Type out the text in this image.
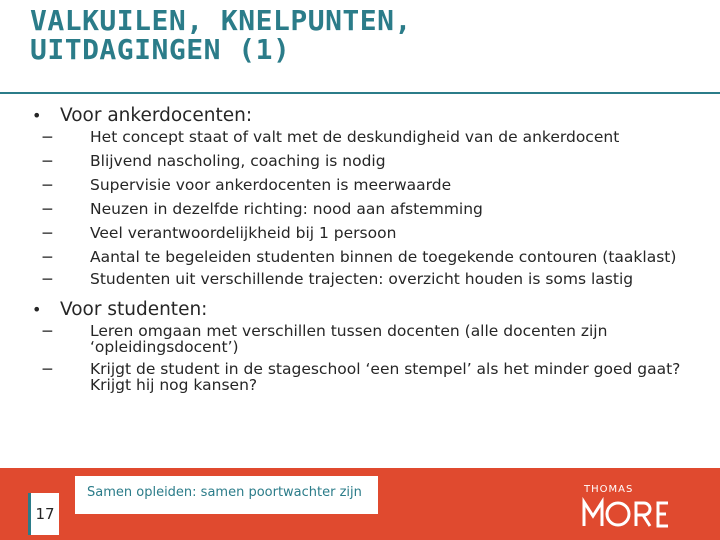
VALKUILEN, KNELPUNTEN,
UITDAGINGEN (1)
• Voor ankerdocenten:
− Het concept staat of valt met de deskundigheid van de ankerdocent
− Blijvend nascholing, coaching is nodig
− Supervisie voor ankerdocenten is meerwaarde
− Neuzen in dezelfde richting: nood aan afstemming
− Veel verantwoordelijkheid bij 1 persoon
− Aantal te begeleiden studenten binnen de toegekende contouren (taaklast)
− Studenten uit verschillende trajecten: overzicht houden is soms lastig
• Voor studenten:
− Leren omgaan met verschillen tussen docenten (alle docenten zijn ‘opleidingsdocent’)
− Krijgt de student in de stageschool ‘een stempel’ als het minder goed gaat? Krijgt hij nog kansen?
17
Samen opleiden: samen poortwachter zijn	THOMAS
